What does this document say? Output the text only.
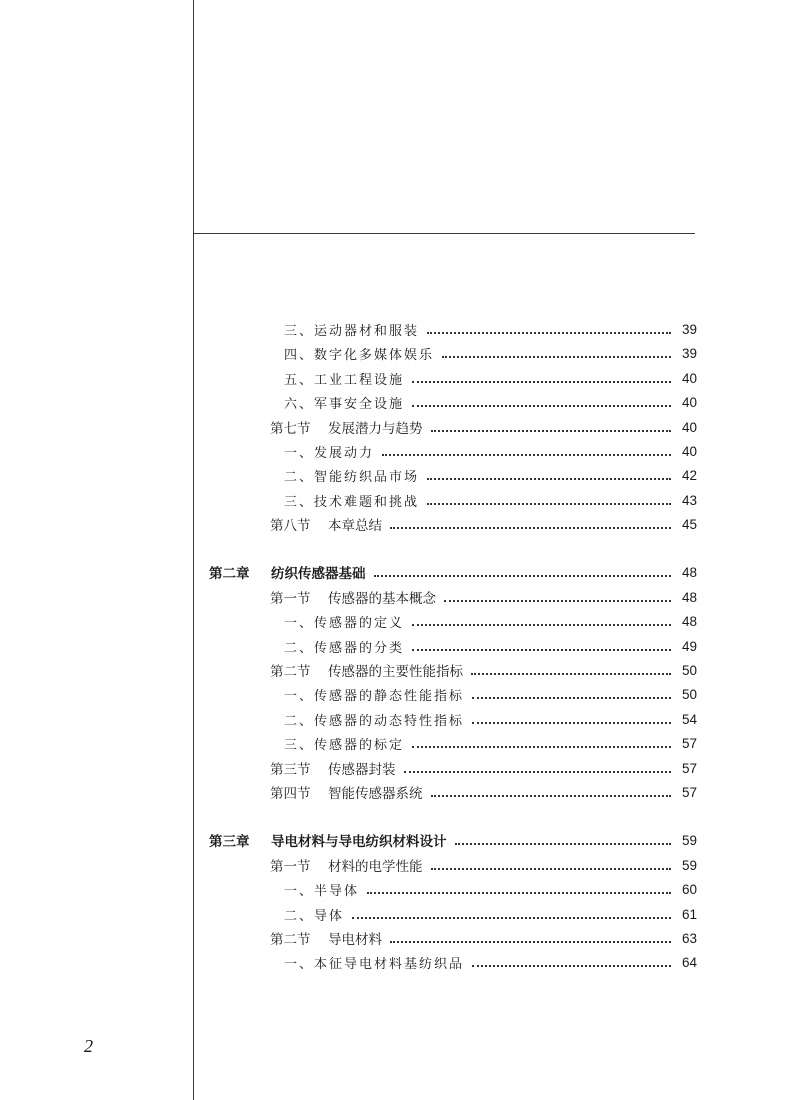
三、运动器材和服装	39
四、数字化多媒体娱乐	39
五、工业工程设施	40
六、军事安全设施	40
第七节	发展潜力与趋势	40
一、发展动力	40
二、智能纺织品市场	42
三、技术难题和挑战	43
第八节	本章总结	45
第二章	纺织传感器基础	48
第一节	传感器的基本概念	48
一、传感器的定义	48
二、传感器的分类	49
第二节	传感器的主要性能指标	50
一、传感器的静态性能指标	50
二、传感器的动态特性指标	54
三、传感器的标定	57
第三节	传感器封装	57
第四节	智能传感器系统	57
第三章	导电材料与导电纺织材料设计	59
第一节	材料的电学性能	59
一、半导体	60
二、导体	61
第二节	导电材料	63
一、本征导电材料基纺织品	64
2
